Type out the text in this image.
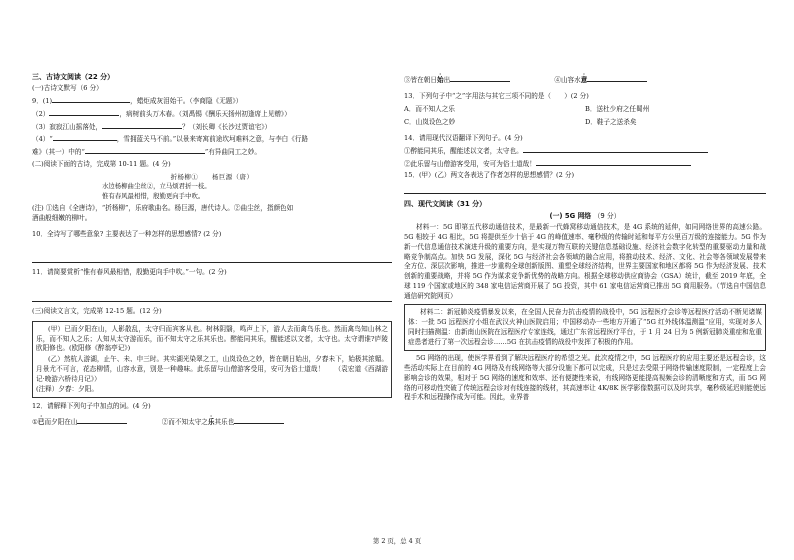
三、古诗文阅读（22 分）
(一)古诗文默写（6 分）
9．(1)	，蜡炬成灰泪始干。（李商隐《无题》）
（2）	，病树前头万木春。（刘禹锡《酬乐天扬州初逢席上见赠》）
（3）寂寂江山摇落处，	？（刘长卿《长沙过贾谊宅》）
（4）“	，雪拥蓝关马不前。”以景来寄寓前途坎坷难料之意，与李白《行路
难》（其一）中的“	”有异曲同工之妙。
(二)阅读下面的古诗，完成第 10-11 题。(4 分)
折杨柳①　　杨巨源（唐）
水边杨柳曲尘丝②，立马烦君折一枝。
惟有春风最相惜，殷勤更向手中吹。
(注) ①选自《全唐诗》，“折杨柳”，乐府歌曲名。杨巨源，唐代诗人。②曲尘丝，指颜色如
酒曲般细嫩的柳叶。
10．全诗写了哪些意象? 主要表达了一种怎样的思想感情? (2 分)
11．请简要赏析“惟有春风最相惜，殷勤更向手中吹。”一句。(2 分)
(三)阅读文言文，完成第 12-15 题。(12 分)
(甲）已而夕阳在山，人影散乱，太守归而宾客从也。树林阴翳，鸣声上下，游人去而禽鸟乐也。然而禽鸟知山林之乐，而不知人之乐；人知从太守游而乐，而不知太守之乐其乐也。醉能同其乐，醒能述以文者，太守也。太守谓谁?庐陵欧阳修也。(欧阳修《醉翁亭记》)
(乙）然杭人游湖，止午、未、申三时。其实湖光染翠之工，山岚设色之妙，皆在朝日始出，夕舂未下，始极其浓媚。月景尤不可言，花态柳情，山容水意，别是一种趣味。此乐留与山僧游客受用，安可为俗士道哉！　　（袁宏道《西湖游记·晚游六桥待月记》）
(注释）夕舂：夕阳。
12．请解释下列句子中加点的词。(4 分)
①已而夕阳在山	②而不知太守之乐其乐也
③皆在朝日始出	④山容水意
13．下列句子中“之”字用法与其它三项不同的是（　　）(2 分)
A．而不知人之乐	B．送杜少府之任蜀州
C．山岚设色之妙	D．鞋子之送杀矣
14．请用现代汉语翻译下列句子。(4 分)
①醉能同其乐，醒能述以文者，太守也。
②此乐留与山僧游客受用，安可为俗士道哉！
15．(甲）(乙）两文各表达了作者怎样的思想感情？(2 分)
四、现代文阅读（31 分）
(一) 5G 网络 （9 分）
材料一：5G 即第五代移动通信技术，是最新一代蜂窝移动通信技术，是 4G 系统的延伸，如同网络世界的高速公路。5G 相较于 4G 相比，5G 将提供至少十倍于 4G 的峰值速率、毫秒级的传输时延和每平方公里百万级的连接能力。5G 作为新一代信息通信技术演进升级的重要方向，是实现万物互联的关键信息基础设施、经济社会数字化转型的重要驱动力量和战略竞争制高点。加快 5G 发展，深化 5G 与经济社会各领域的融合应用，将推动技术、经济、文化、社会等各领域发展带来全方位、深层次影响，推进一步重构全球创新版图、重塑全球经济结构，世界主要国家和地区都将 5G 作为经济发展、技术创新的重要战略，并将 5G 作为谋求竞争新优势的战略方向。根据全球移动供应商协会（GSA）统计，截至 2019 年底，全球 119 个国家或地区的 348 家电信运营商开展了 5G 投资，其中 61 家电信运营商已推出 5G 商用服务。（节选自中国信息通信研究院网页）
材料二：新冠肺炎疫情暴发以来，在全国人民奋力抗击疫情的战役中，5G 远程医疗会诊等远程医疗活动不断见诸媒体：一批 5G 远程医疗小组在武汉火神山医院启用；中国移动办一些地方开通了“5G 红外线体温测温”应用，实现对多人同时扫描测温：由新南山医院在远程医疗专家连线，通过广东省远程医疗平台，于 1 月 24 日为 5 例新冠肺炎重症和危重症患者进行了第一次远程会诊……5G 在抗击疫情的战役中发挥了积极的作用。
5G 网络的出现，使医学界看到了解决远程医疗的希望之光。此次疫情之中，5G 远程医疗的应用主要还是远程会诊，这些活动实际上在目前的 4G 网络及有线网络等大部分设施下都可以完成，只是过去受限于网络传输速度限制，一定程度上会影响会诊的效果，相对于 5G 网络的速度和效率、还有便捷性来说，有线网络更能提高视频会诊的清晰度和方式，而 5G 网络的可移动性突破了传统远程会诊对有线连接的线材，其高速率让 4K/8K 医学影像数据可以及时共享，毫秒级延迟则能使远程手术和远程操作成为可能。因此，业界普
第 2 页，总 4 页
